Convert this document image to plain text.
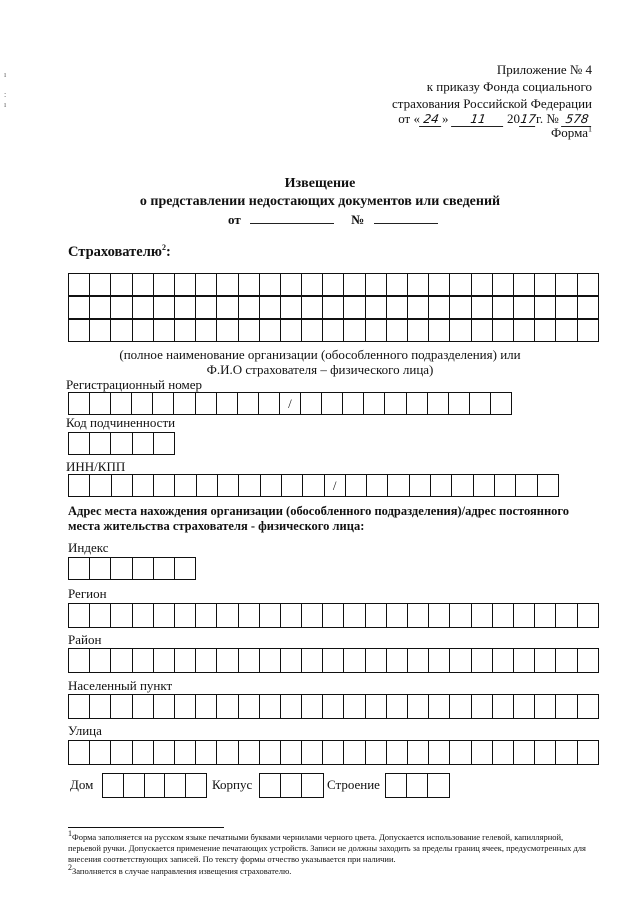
ı

:
ı
Приложение № 4
к приказу Фонда социального
страхования Российской Федерации
от « 24 » 11 2017г. № 578
Форма$^1$
Извещение
о представлении недостающих документов или сведений
от	№
Страхователю$^2$:
(полное наименование организации (обособленного подразделения) или
Ф.И.О страхователя – физического лица)
Регистрационный номер
/
Код подчиненности
ИНН/КПП
/
Адрес места нахождения организации (обособленного подразделения)/адрес постоянного
места жительства страхователя - физического лица:
Индекс
Регион
Район
Населенный пункт
Улица
Дом	Корпус	Строение
$^1$Форма заполняется на русском языке печатными буквами чернилами черного цвета. Допускается использование гелевой, капиллярной, перьевой ручки. Допускается применение печатающих устройств. Записи не должны заходить за пределы границ ячеек, предусмотренных для внесения соответствующих записей. По тексту формы отчество указывается при наличии.
$^2$Заполняется в случае направления извещения страхователю.
